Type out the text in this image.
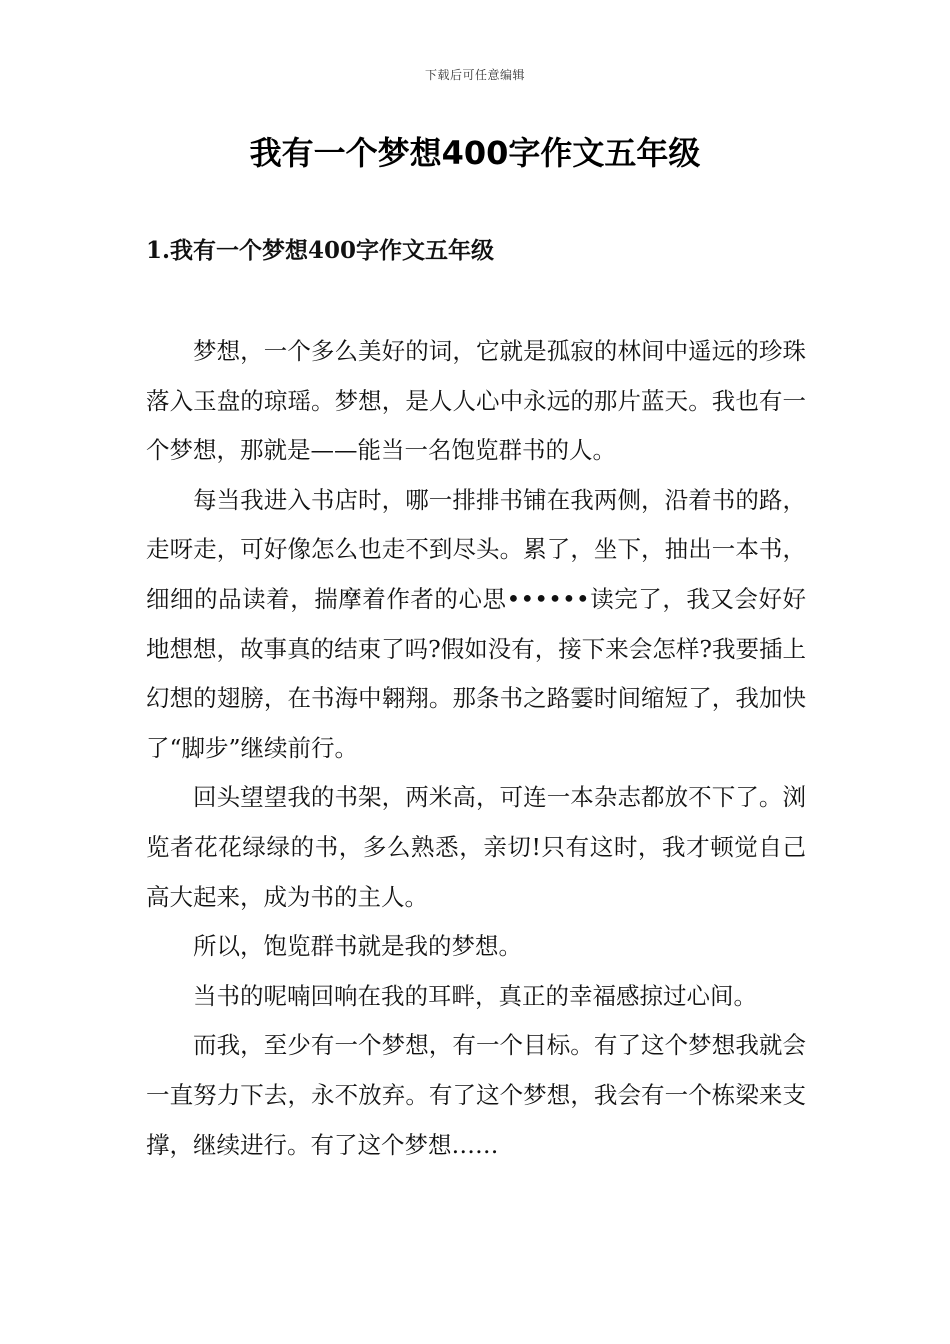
下载后可任意编辑
我有一个梦想400字作文五年级
1.我有一个梦想400字作文五年级

梦想，一个多么美好的词，它就是孤寂的林间中遥远的珍珠落入玉盘的琼瑶。梦想，是人人心中永远的那片蓝天。我也有一个梦想，那就是——能当一名饱览群书的人。

每当我进入书店时，哪一排排书铺在我两侧，沿着书的路，走呀走，可好像怎么也走不到尽头。累了，坐下，抽出一本书，细细的品读着，揣摩着作者的心思••••••读完了，我又会好好地想想，故事真的结束了吗?假如没有，接下来会怎样?我要插上幻想的翅膀，在书海中翱翔。那条书之路霎时间缩短了，我加快了“脚步”继续前行。

回头望望我的书架，两米高，可连一本杂志都放不下了。浏览者花花绿绿的书，多么熟悉，亲切!只有这时，我才顿觉自己高大起来，成为书的主人。

所以，饱览群书就是我的梦想。

当书的呢喃回响在我的耳畔，真正的幸福感掠过心间。

而我，至少有一个梦想，有一个目标。有了这个梦想我就会一直努力下去，永不放弃。有了这个梦想，我会有一个栋梁来支撑，继续进行。有了这个梦想……
